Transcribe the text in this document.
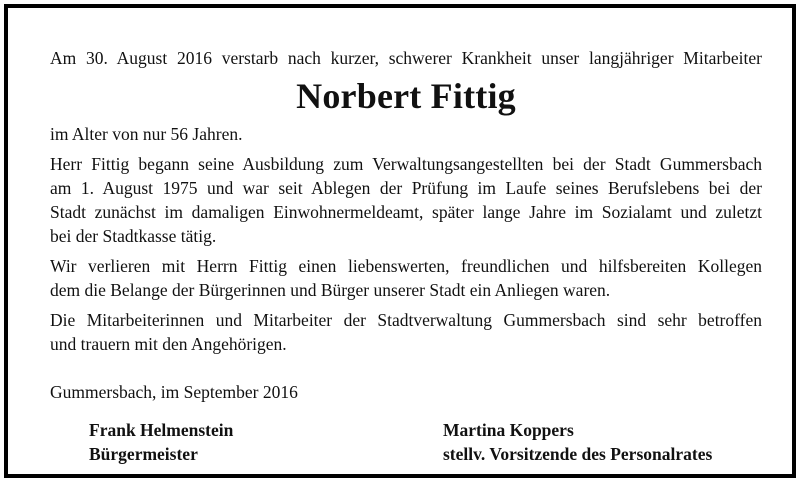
Am 30. August 2016 verstarb nach kurzer, schwerer Krankheit unser langjähriger Mitarbeiter

Norbert Fittig

im Alter von nur 56 Jahren.

Herr Fittig begann seine Ausbildung zum Verwaltungsangestellten bei der Stadt Gummersbach

am 1. August 1975 und war seit Ablegen der Prüfung im Laufe seines Berufslebens bei der

Stadt zunächst im damaligen Einwohnermeldeamt, später lange Jahre im Sozialamt und zuletzt

bei der Stadtkasse tätig.

Wir verlieren mit Herrn Fittig einen liebenswerten, freundlichen und hilfsbereiten Kollegen

dem die Belange der Bürgerinnen und Bürger unserer Stadt ein Anliegen waren.

Die Mitarbeiterinnen und Mitarbeiter der Stadtverwaltung Gummersbach sind sehr betroffen

und trauern mit den Angehörigen.

Gummersbach, im September 2016

Frank Helmenstein

Bürgermeister

Martina Koppers

stellv. Vorsitzende des Personalrates
